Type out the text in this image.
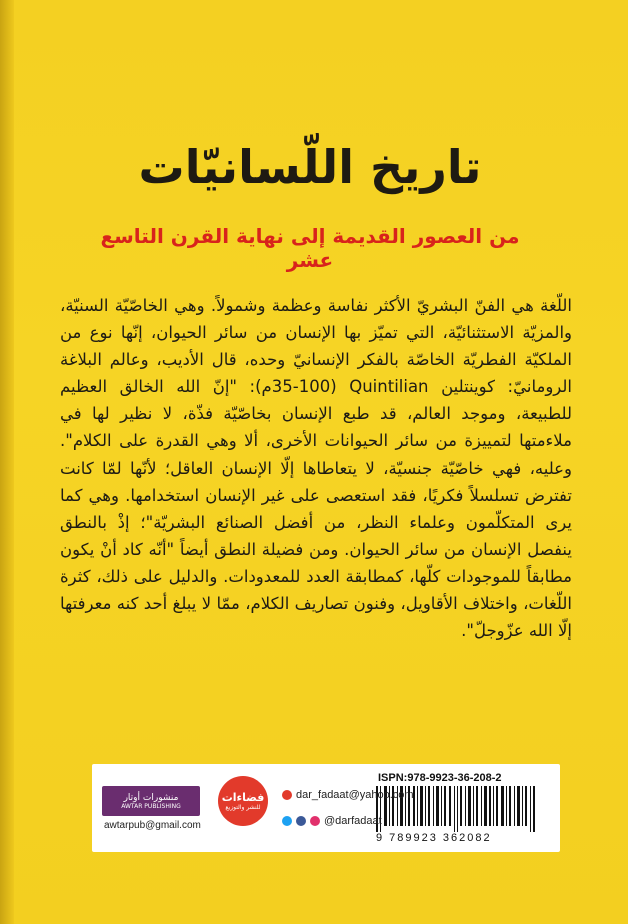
تاريخ اللّسانيّات
من العصور القديمة إلى نهاية القرن التاسع عشر

اللّغة هي الفنّ البشريّ الأكثر نفاسة وعظمة وشمولاً. وهي الخاصّيّة السنيّة، والمزيّة الاستثنائيّة، التي تميّز بها الإنسان من سائر الحيوان، إنّها نوع من الملكيّة الفطريّة الخاصّة بالفكر الإنسانيّ وحده، قال الأديب، وعالم البلاغة الرومانيّ: كوينتلين Quintilian (35-100م): "إنّ الله الخالق العظيم للطبيعة، وموجد العالم، قد طبع الإنسان بخاصّيّة فذّة، لا نظير لها في ملاءمتها لتمييزة من سائر الحيوانات الأخرى، ألا وهي القدرة على الكلام". وعليه، فهي خاصّيّة جنسيّة، لا يتعاطاها إلّا الإنسان العاقل؛ لأنّها لمّا كانت تفترض تسلسلاً فكريًا، فقد استعصى على غير الإنسان استخدامها. وهي كما يرى المتكلّمون وعلماء النظر، من أفضل الصنائع البشريّة"؛ إذْ بالنطق ينفصل الإنسان من سائر الحيوان. ومن فضيلة النطق أيضاً "أنّه كاد أنْ يكون مطابقاً للموجودات كلّها، كمطابقة العدد للمعدودات. والدليل على ذلك، كثرة اللّغات، واختلاف الأقاويل، وفنون تصاريف الكلام، ممّا لا يبلغ أحد كنه معرفتها إلّا الله عزّوجلّ".

ISPN:978-9923-36-208-2
9 789923 362082
dar_fadaat@yahoo.com
@darfadaat
فضاءات
للنشر والتوزيع
منشورات أوتار
AWTAR PUBLISHING
awtarpub@gmail.com
